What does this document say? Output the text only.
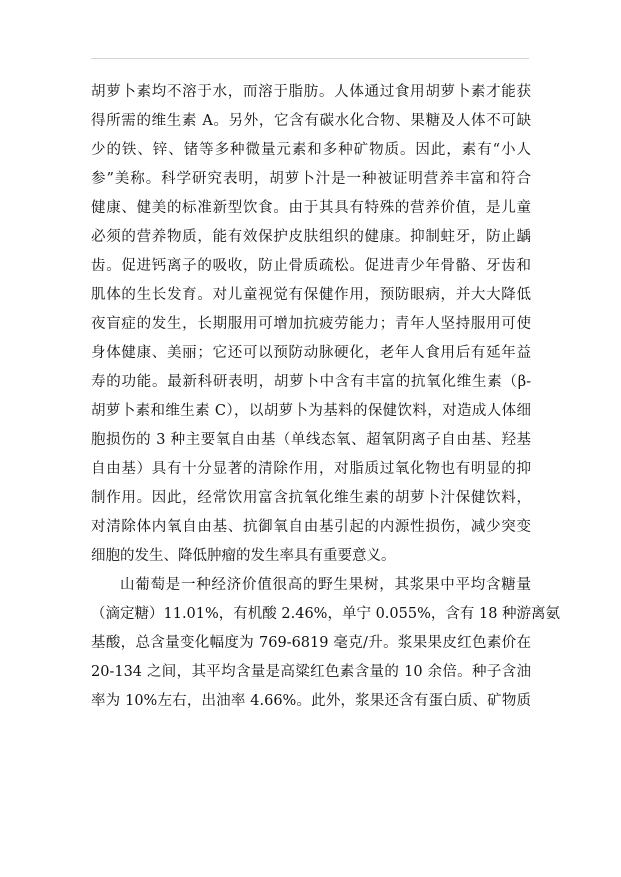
胡萝卜素均不溶于水，而溶于脂肪。人体通过食用胡萝卜素才能获
得所需的维生素 A。另外，它含有碳水化合物、果糖及人体不可缺
少的铁、锌、锗等多种微量元素和多种矿物质。因此，素有“小人
参”美称。科学研究表明，胡萝卜汁是一种被证明营养丰富和符合
健康、健美的标准新型饮食。由于其具有特殊的营养价值，是儿童
必须的营养物质，能有效保护皮肤组织的健康。抑制蛀牙，防止龋
齿。促进钙离子的吸收，防止骨质疏松。促进青少年骨骼、牙齿和
肌体的生长发育。对儿童视觉有保健作用，预防眼病，并大大降低
夜盲症的发生，长期服用可增加抗疲劳能力；青年人坚持服用可使
身体健康、美丽；它还可以预防动脉硬化，老年人食用后有延年益
寿的功能。最新科研表明，胡萝卜中含有丰富的抗氧化维生素（β-
胡萝卜素和维生素 C），以胡萝卜为基料的保健饮料，对造成人体细
胞损伤的 3 种主要氧自由基（单线态氧、超氧阴离子自由基、羟基
自由基）具有十分显著的清除作用，对脂质过氧化物也有明显的抑
制作用。因此，经常饮用富含抗氧化维生素的胡萝卜汁保健饮料，
对清除体内氧自由基、抗御氧自由基引起的内源性损伤，减少突变
细胞的发生、降低肿瘤的发生率具有重要意义。
山葡萄是一种经济价值很高的野生果树，其浆果中平均含糖量
（滴定糖）11.01%，有机酸 2.46%，单宁 0.055%，含有 18 种游离氨
基酸，总含量变化幅度为 769-6819 毫克/升。浆果果皮红色素价在
20-134 之间，其平均含量是高粱红色素含量的 10 余倍。种子含油
率为 10%左右，出油率 4.66%。此外，浆果还含有蛋白质、矿物质
